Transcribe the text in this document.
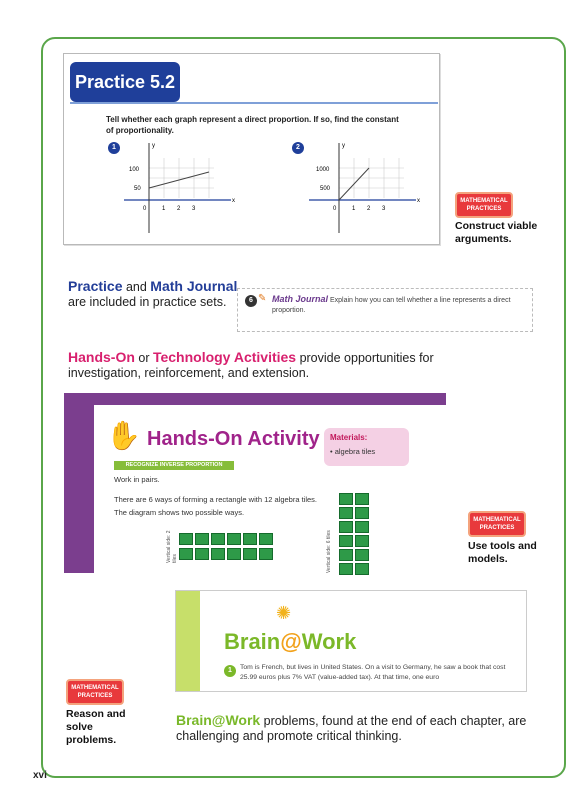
Practice 5.2
Tell whether each graph represent a direct proportion. If so, find the constant of proportionality.
1	y
x
100
50
0	1 2 3
2	y
x
1000
500
0	1 2 3
MATHEMATICAL
PRACTICES
Construct viable arguments.
Practice and Math Journal
are included in practice sets.	6 ✎ Math Journal Explain how you can tell whether a line represents a direct proportion.
Hands-On or Technology Activities provide opportunities for investigation, reinforcement, and extension.
✋ Hands-On Activity
RECOGNIZE INVERSE PROPORTION
Work in pairs.
There are 6 ways of forming a rectangle with 12 algebra tiles.
The diagram shows two possible ways.
Materials:
• algebra tiles
Vertical side: 2 tiles	Vertical side: 6 tiles
MATHEMATICAL
PRACTICES
Use tools and models.
✺
Brain@Work
1	Tom is French, but lives in United States. On a visit to Germany, he saw a book that cost 25.99 euros plus 7% VAT (value-added tax). At that time, one euro
MATHEMATICAL
PRACTICES
Reason and solve problems.
Brain@Work problems, found at the end of each chapter, are challenging and promote critical thinking.
xvi
